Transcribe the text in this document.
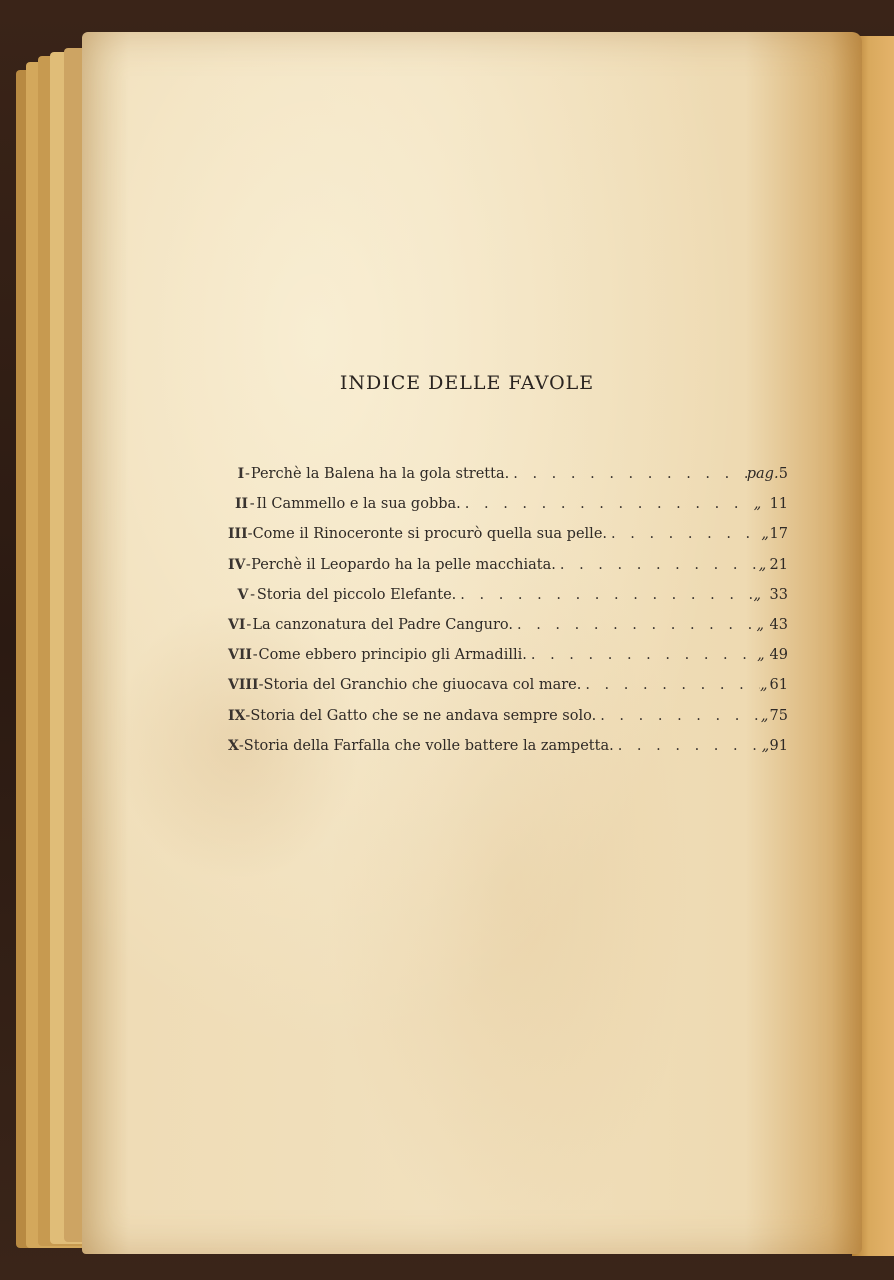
INDICE DELLE FAVOLE
I - Perchè la Balena ha la gola stretta. . . .	pag. 5
II - Il Cammello e la sua gobba. . . .	„ 11
III - Come il Rinoceronte si procurò quella sua pelle. . . .	„ 17
IV - Perchè il Leopardo ha la pelle macchiata. . . .	„ 21
V - Storia del piccolo Elefante. . . .	„ 33
VI - La canzonatura del Padre Canguro. . . .	„ 43
VII - Come ebbero principio gli Armadilli. . . .	„ 49
VIII - Storia del Granchio che giuocava col mare. . . .	„ 61
IX - Storia del Gatto che se ne andava sempre solo. . . .	„ 75
X - Storia della Farfalla che volle battere la zampetta. . . .	„ 91
